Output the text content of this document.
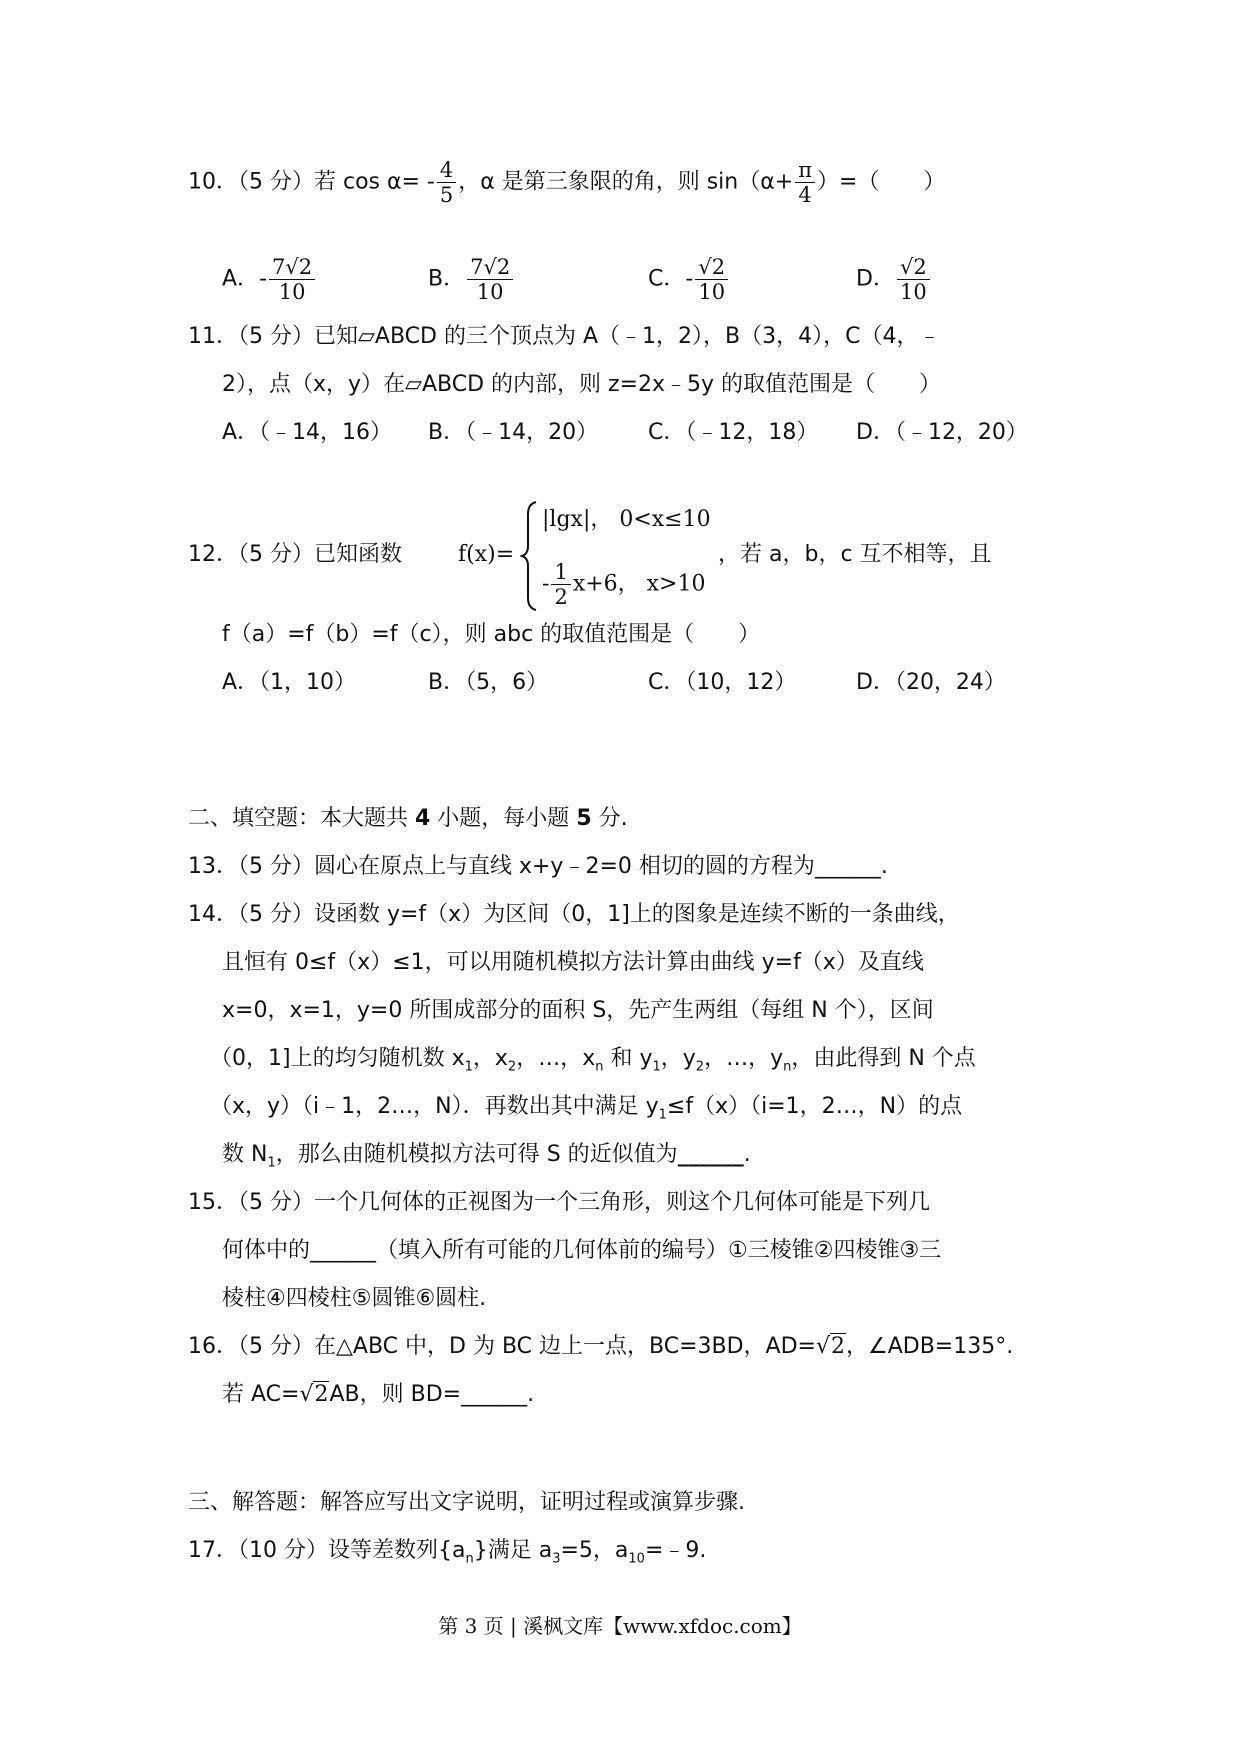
10．（5 分）若 $\cos \alpha= - \frac{4}{5}$ ，α 是第三象限的角，则 $\sin(\alpha+ \frac{\pi}{4}$ ）=（　　）
A．- $\frac{7√2}{10}$	B． $\frac{7√2}{10}$	C．- $\frac{√2}{10}$	D． $\frac{√2}{10}$
11．（5 分）已知▱ABCD 的三个顶点为 A（﹣1，2），B（3，4），C（4，﹣
2），点（x，y）在▱ABCD 的内部，则 z=2x﹣5y 的取值范围是（　　）
A．（﹣14，16） B．（﹣14，20） C．（﹣12，18） D．（﹣12，20）
12．（5 分）已知函数	f(x)=
|lgx|， 0<x≤10
- $\frac{1}{2} x+6$， x>10
，若 a，b，c 互不相等，且
f（a）=f（b）=f（c），则 abc 的取值范围是（　　）
A．（1，10）	B．（5，6）	C．（10，12）	D．（20，24）
二、填空题：本大题共 4 小题，每小题 5 分.
13．（5 分）圆心在原点上与直线 x+y﹣2=0 相切的圆的方程为______.
14．（5 分）设函数 y=f（x）为区间（0，1]上的图象是连续不断的一条曲线，
且恒有 0≤f（x）≤1，可以用随机模拟方法计算由曲线 y=f（x）及直线
x=0，x=1，y=0 所围成部分的面积 S，先产生两组（每组 N 个），区间
（0，1]上的均匀随机数 $x_1$，$x_2$，…，$x_n$ 和 $y_1$，$y_2$，…，$y_n$，由此得到 N 个点
（x，y）（i﹣1，2…，N）．再数出其中满足 $y_1\le f(x)(i=1$，2…，N）的点
数 $N_1$，那么由随机模拟方法可得 S 的近似值为______.
15．（5 分）一个几何体的正视图为一个三角形，则这个几何体可能是下列几
何体中的______（填入所有可能的几何体前的编号）①三棱锥②四棱锥③三
棱柱④四棱柱⑤圆锥⑥圆柱.
16．（5 分）在△ABC 中，D 为 BC 边上一点，BC=3BD，AD=√2，∠ADB=135°.
若 AC=√2AB，则 BD=______.
三、解答题：解答应写出文字说明，证明过程或演算步骤.
17．（10 分）设等差数列$\{a_n\}$满足 $a_3=5$，$a_{10}=﹣9$.
第 3 页 | 溪枫文库【www.xfdoc.com】
